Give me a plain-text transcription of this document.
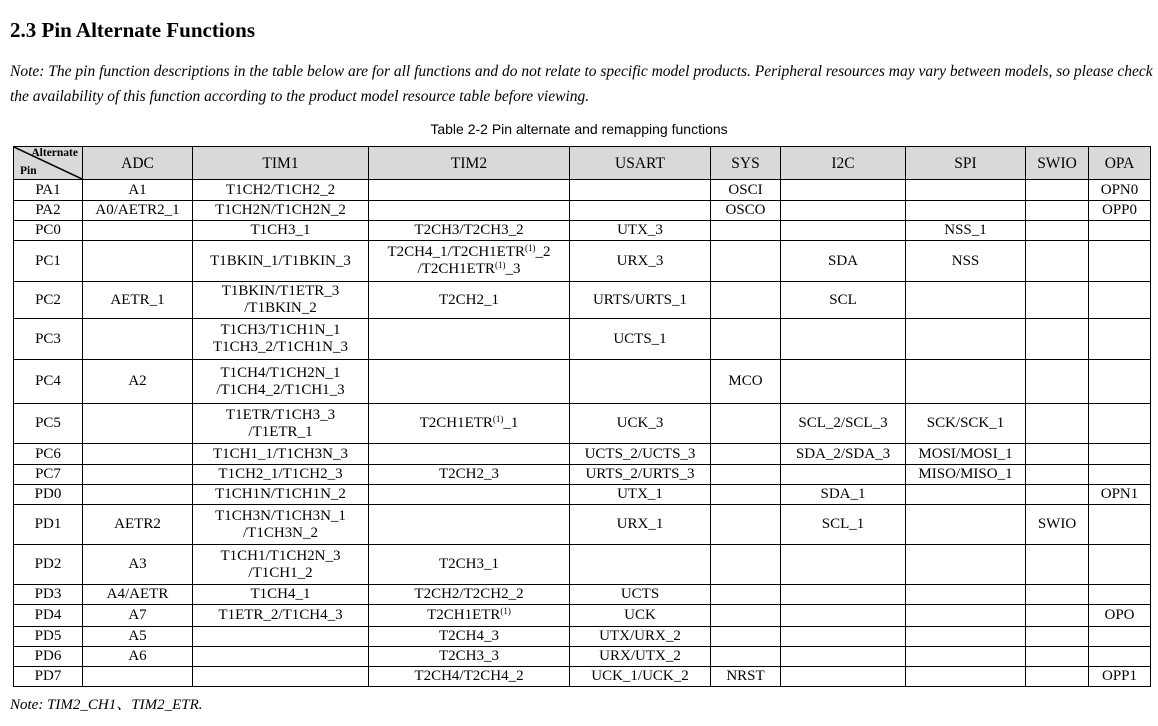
2.3 Pin Alternate Functions
Note: The pin function descriptions in the table below are for all functions and do not relate to specific model products. Peripheral resources may vary between models, so please check the availability of this function according to the product model resource table before viewing.
Table 2-2 Pin alternate and remapping functions
Alternate
Pin	ADC	TIM1	TIM2	USART	SYS	I2C	SPI	SWIO	OPA
PA1	A1	T1CH2/T1CH2_2			OSCI				OPN0
PA2	A0/AETR2_1	T1CH2N/T1CH2N_2			OSCO				OPP0
PC0		T1CH3_1	T2CH3/T2CH3_2	UTX_3			NSS_1		
PC1		T1BKIN_1/T1BKIN_3	T2CH4_1/T2CH1ETR$^{(1)}$_2
/T2CH1ETR$^{(1)}$_3	URX_3		SDA	NSS		
PC2	AETR_1	T1BKIN/T1ETR_3
/T1BKIN_2	T2CH2_1	URTS/URTS_1		SCL			
PC3		T1CH3/T1CH1N_1
T1CH3_2/T1CH1N_3		UCTS_1					
PC4	A2	T1CH4/T1CH2N_1
/T1CH4_2/T1CH1_3			MCO				
PC5		T1ETR/T1CH3_3
/T1ETR_1	T2CH1ETR$^{(1)}$_1	UCK_3		SCL_2/SCL_3	SCK/SCK_1		
PC6		T1CH1_1/T1CH3N_3		UCTS_2/UCTS_3		SDA_2/SDA_3	MOSI/MOSI_1		
PC7		T1CH2_1/T1CH2_3	T2CH2_3	URTS_2/URTS_3			MISO/MISO_1		
PD0		T1CH1N/T1CH1N_2		UTX_1		SDA_1			OPN1
PD1	AETR2	T1CH3N/T1CH3N_1
/T1CH3N_2		URX_1		SCL_1		SWIO	
PD2	A3	T1CH1/T1CH2N_3
/T1CH1_2	T2CH3_1						
PD3	A4/AETR	T1CH4_1	T2CH2/T2CH2_2	UCTS					
PD4	A7	T1ETR_2/T1CH4_3	T2CH1ETR$^{(1)}$	UCK					OPO
PD5	A5		T2CH4_3	UTX/URX_2					
PD6	A6		T2CH3_3	URX/UTX_2					
PD7			T2CH4/T2CH4_2	UCK_1/UCK_2	NRST				OPP1
Note: TIM2_CH1、TIM2_ETR.
